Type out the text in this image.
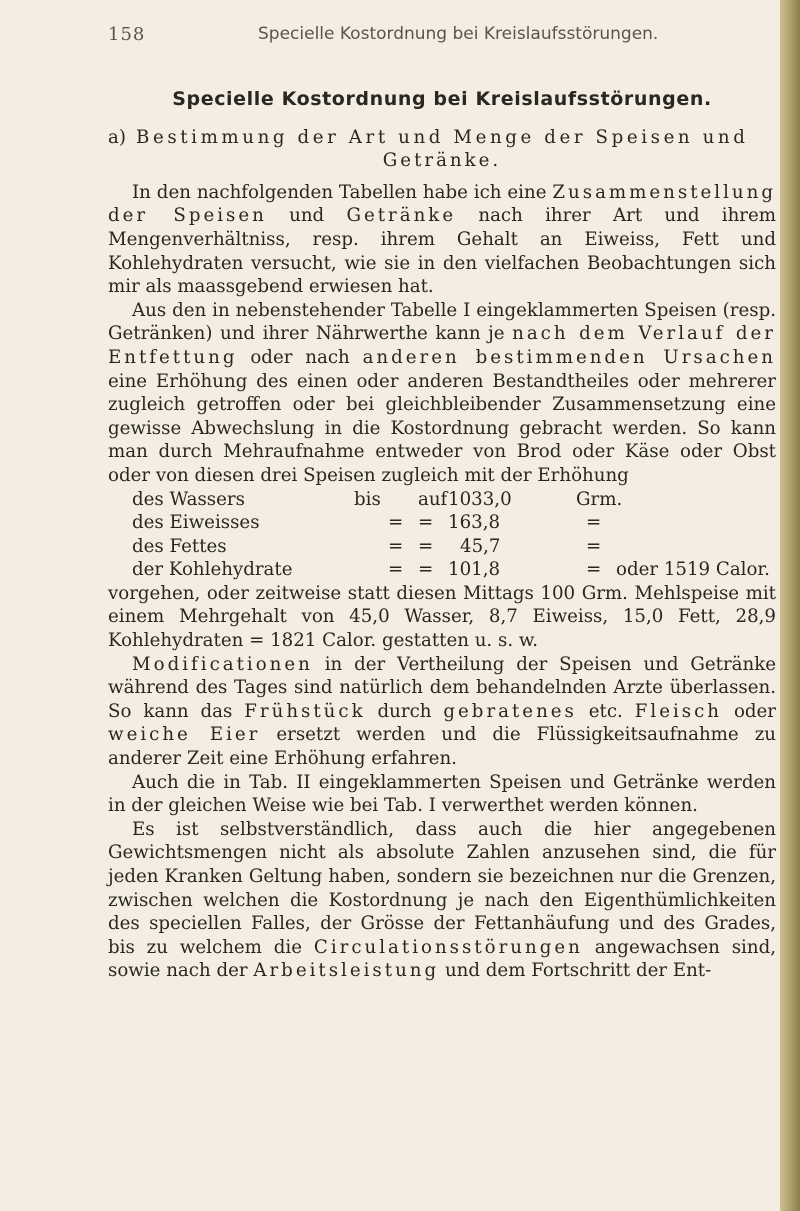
158	Specielle Kostordnung bei Kreislaufsstörungen.
Specielle Kostordnung bei Kreislaufsstörungen.
a) Bestimmung der Art und Menge der Speisen und
Getränke.

In den nachfolgenden Tabellen habe ich eine Zusammenstellung der Speisen und Getränke nach ihrer Art und ihrem Mengenverhältniss, resp. ihrem Gehalt an Eiweiss, Fett und Kohlehydraten versucht, wie sie in den vielfachen Beobachtungen sich mir als maassgebend erwiesen hat.

Aus den in nebenstehender Tabelle I eingeklammerten Speisen (resp. Getränken) und ihrer Nährwerthe kann je nach dem Verlauf der Entfettung oder nach anderen bestimmenden Ursachen eine Erhöhung des einen oder anderen Bestandtheiles oder mehrerer zugleich getroffen oder bei gleichbleibender Zusammensetzung eine gewisse Abwechslung in die Kostordnung gebracht werden. So kann man durch Mehraufnahme entweder von Brod oder Käse oder Obst oder von diesen drei Speisen zugleich mit der Erhöhung

des Wassers	bis	auf 1033,0	Grm.
des Eiweisses	= = 163,8	=
des Fettes	= =	45,7	=
der Kohlehydrate	= = 101,8	= oder 1519 Calor.

vorgehen, oder zeitweise statt diesen Mittags 100 Grm. Mehlspeise mit einem Mehrgehalt von 45,0 Wasser, 8,7 Eiweiss, 15,0 Fett, 28,9 Kohlehydraten = 1821 Calor. gestatten u. s. w.

Modificationen in der Vertheilung der Speisen und Getränke während des Tages sind natürlich dem behandelnden Arzte überlassen. So kann das Frühstück durch gebratenes etc. Fleisch oder weiche Eier ersetzt werden und die Flüssigkeitsaufnahme zu anderer Zeit eine Erhöhung erfahren.

Auch die in Tab. II eingeklammerten Speisen und Getränke werden in der gleichen Weise wie bei Tab. I verwerthet werden können.

Es ist selbstverständlich, dass auch die hier angegebenen Gewichtsmengen nicht als absolute Zahlen anzusehen sind, die für jeden Kranken Geltung haben, sondern sie bezeichnen nur die Grenzen, zwischen welchen die Kostordnung je nach den Eigenthümlichkeiten des speciellen Falles, der Grösse der Fettanhäufung und des Grades, bis zu welchem die Circulationsstörungen angewachsen sind, sowie nach der Arbeitsleistung und dem Fortschritt der Ent-
